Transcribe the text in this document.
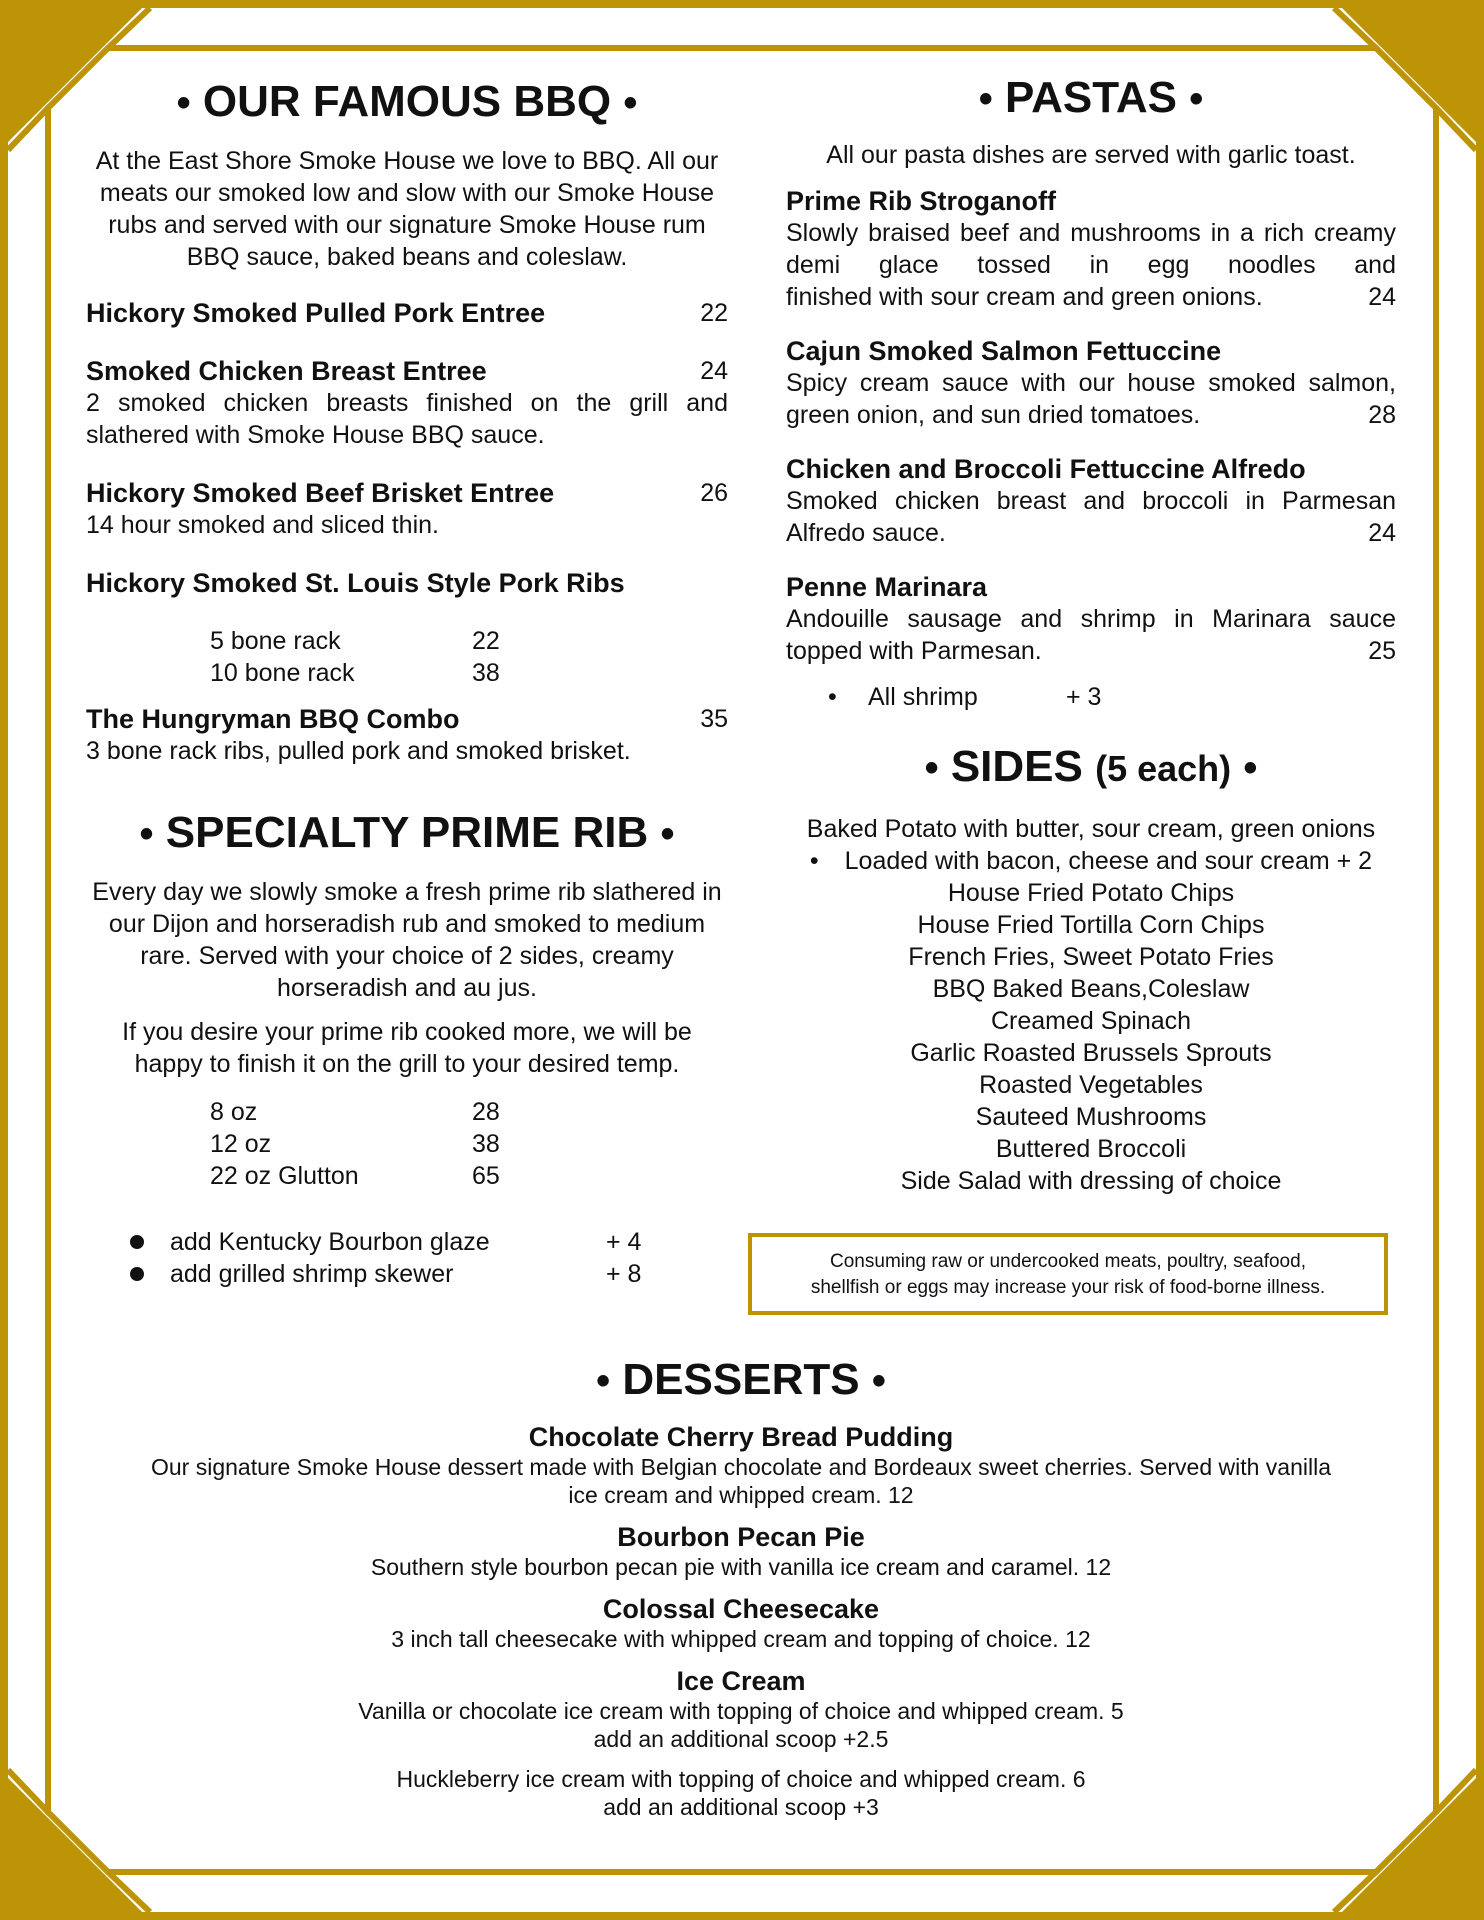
• OUR FAMOUS BBQ •

At the East Shore Smoke House we love to BBQ. All our meats our smoked low and slow with our Smoke House rubs and served with our signature Smoke House rum BBQ sauce, baked beans and coleslaw.

Hickory Smoked Pulled Pork Entree	22
Smoked Chicken Breast Entree	24
2 smoked chicken breasts finished on the grill and slathered with Smoke House BBQ sauce.
Hickory Smoked Beef Brisket Entree	26
14 hour smoked and sliced thin.
Hickory Smoked St. Louis Style Pork Ribs
5 bone rack	22
10 bone rack	38
The Hungryman BBQ Combo	35
3 bone rack ribs, pulled pork and smoked brisket.
• SPECIALTY PRIME RIB •

Every day we slowly smoke a fresh prime rib slathered in our Dijon and horseradish rub and smoked to medium rare. Served with your choice of 2 sides, creamy horseradish and au jus.

If you desire your prime rib cooked more, we will be happy to finish it on the grill to your desired temp.

8 oz	28
12 oz	38
22 oz Glutton	65
add Kentucky Bourbon glaze	+ 4
add grilled shrimp skewer	+ 8
• PASTAS •

All our pasta dishes are served with garlic toast.

Prime Rib Stroganoff
Slowly braised beef and mushrooms in a rich creamy demi glace tossed in egg noodles and
finished with sour cream and green onions.	24
Cajun Smoked Salmon Fettuccine
Spicy cream sauce with our house smoked salmon,
green onion, and sun dried tomatoes.	28
Chicken and Broccoli Fettuccine Alfredo
Smoked chicken breast and broccoli in Parmesan
Alfredo sauce.	24
Penne Marinara
Andouille sausage and shrimp in Marinara sauce
topped with Parmesan.	25
•	All shrimp	+ 3
• SIDES (5 each) •
Baked Potato with butter, sour cream, green onions
• Loaded with bacon, cheese and sour cream + 2
House Fried Potato Chips
House Fried Tortilla Corn Chips
French Fries, Sweet Potato Fries
BBQ Baked Beans,Coleslaw
Creamed Spinach
Garlic Roasted Brussels Sprouts
Roasted Vegetables
Sauteed Mushrooms
Buttered Broccoli
Side Salad with dressing of choice
Consuming raw or undercooked meats, poultry, seafood,
shellfish or eggs may increase your risk of food-borne illness.
• DESSERTS •
Chocolate Cherry Bread Pudding
Our signature Smoke House dessert made with Belgian chocolate and Bordeaux sweet cherries. Served with vanilla
ice cream and whipped cream. 12
Bourbon Pecan Pie
Southern style bourbon pecan pie with vanilla ice cream and caramel. 12
Colossal Cheesecake
3 inch tall cheesecake with whipped cream and topping of choice. 12
Ice Cream
Vanilla or chocolate ice cream with topping of choice and whipped cream. 5
add an additional scoop +2.5
Huckleberry ice cream with topping of choice and whipped cream. 6
add an additional scoop +3
